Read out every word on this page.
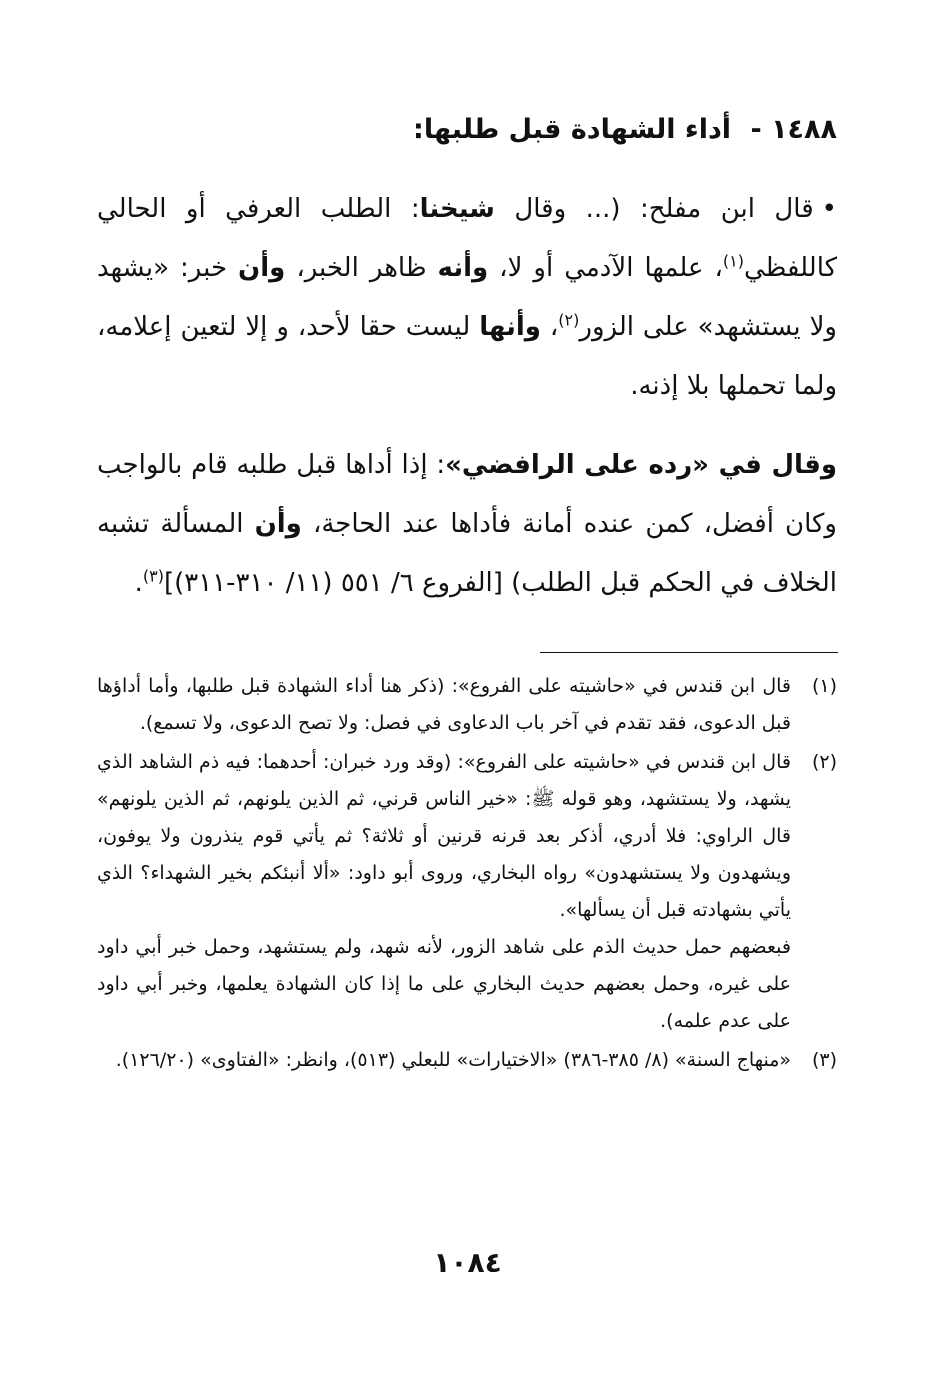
١٤٨٨ - أداء الشهادة قبل طلبها:

•قال ابن مفلح: (... وقال شيخنا: الطلب العرفي أو الحالي كاللفظي$^{(١)}$، علمها الآدمي أو لا، وأنه ظاهر الخبر، وأن خبر: «يشهد ولا يستشهد» على الزور$^{(٢)}$، وأنها ليست حقا لأحد، و إلا لتعين إعلامه، ولما تحملها بلا إذنه.

وقال في «رده على الرافضي»: إذا أداها قبل طلبه قام بالواجب وكان أفضل، كمن عنده أمانة فأداها عند الحاجة، وأن المسألة تشبه الخلاف في الحكم قبل الطلب) [الفروع ٦/ ٥٥١ (١١/ ٣١٠-٣١١)]$^{(٣)}$.

(١)

قال ابن قندس في «حاشيته على الفروع»: (ذكر هنا أداء الشهادة قبل طلبها، وأما أداؤها قبل الدعوى، فقد تقدم في آخر باب الدعاوى في فصل: ولا تصح الدعوى، ولا تسمع).

(٢)

قال ابن قندس في «حاشيته على الفروع»: (وقد ورد خبران: أحدهما: فيه ذم الشاهد الذي يشهد، ولا يستشهد، وهو قوله ﷺ: «خير الناس قرني، ثم الذين يلونهم، ثم الذين يلونهم» قال الراوي: فلا أدري، أذكر بعد قرنه قرنين أو ثلاثة؟ ثم يأتي قوم ينذرون ولا يوفون، ويشهدون ولا يستشهدون» رواه البخاري، وروى أبو داود: «ألا أنبئكم بخير الشهداء؟ الذي يأتي بشهادته قبل أن يسألها».

فبعضهم حمل حديث الذم على شاهد الزور، لأنه شهد، ولم يستشهد، وحمل خبر أبي داود على غيره، وحمل بعضهم حديث البخاري على ما إذا كان الشهادة يعلمها، وخبر أبي داود على عدم علمه).

(٣)

«منهاج السنة» (٨/ ٣٨٥-٣٨٦) «الاختيارات» للبعلي (٥١٣)، وانظر: «الفتاوى» (١٢٦/٢٠).

١٠٨٤
